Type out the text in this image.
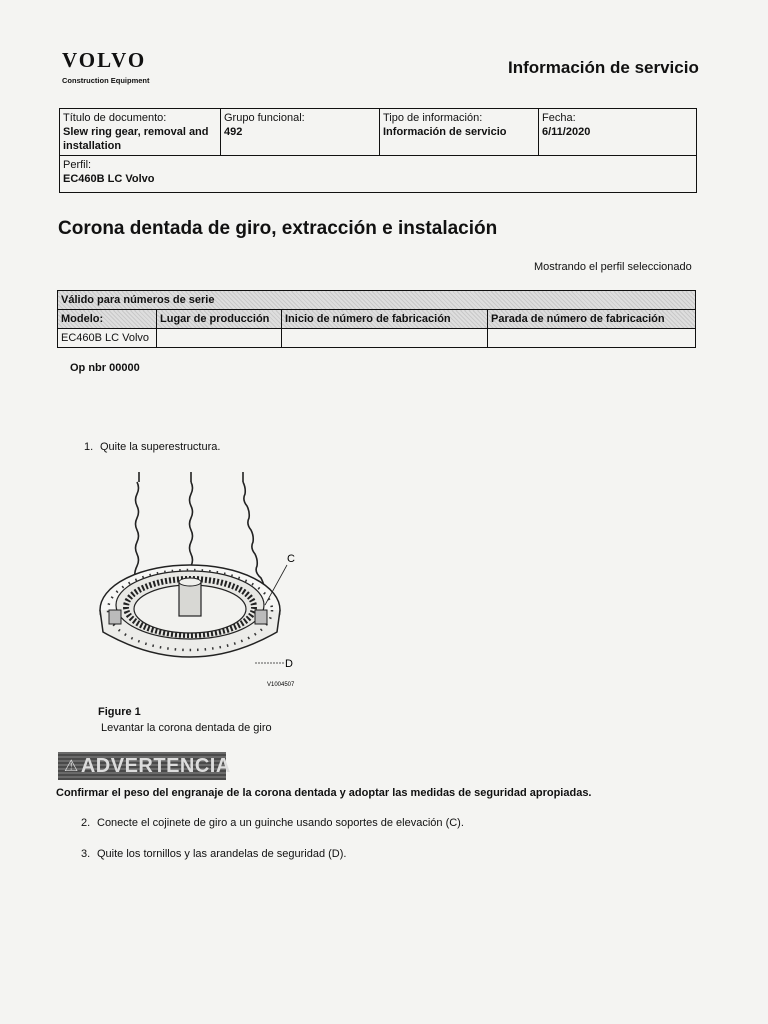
VOLVO
Construction Equipment
Información de servicio
Título de documento:
Slew ring gear, removal and installation

Grupo funcional:
492

Tipo de información:
Información de servicio

Fecha:
6/11/2020

Perfil:
EC460B LC Volvo
Corona dentada de giro, extracción e instalación
Mostrando el perfil seleccionado
Válido para números de serie			
Modelo:	Lugar de producción	Inicio de número de fabricación	Parada de número de fabricación
EC460B LC Volvo			
Op nbr 00000
1. Quite la superestructura.
C
D
V1004507
Figure 1
Levantar la corona dentada de giro
⚠ ADVERTENCIA
Confirmar el peso del engranaje de la corona dentada y adoptar las medidas de seguridad apropiadas.
2. Conecte el cojinete de giro a un guinche usando soportes de elevación (C).
3. Quite los tornillos y las arandelas de seguridad (D).
